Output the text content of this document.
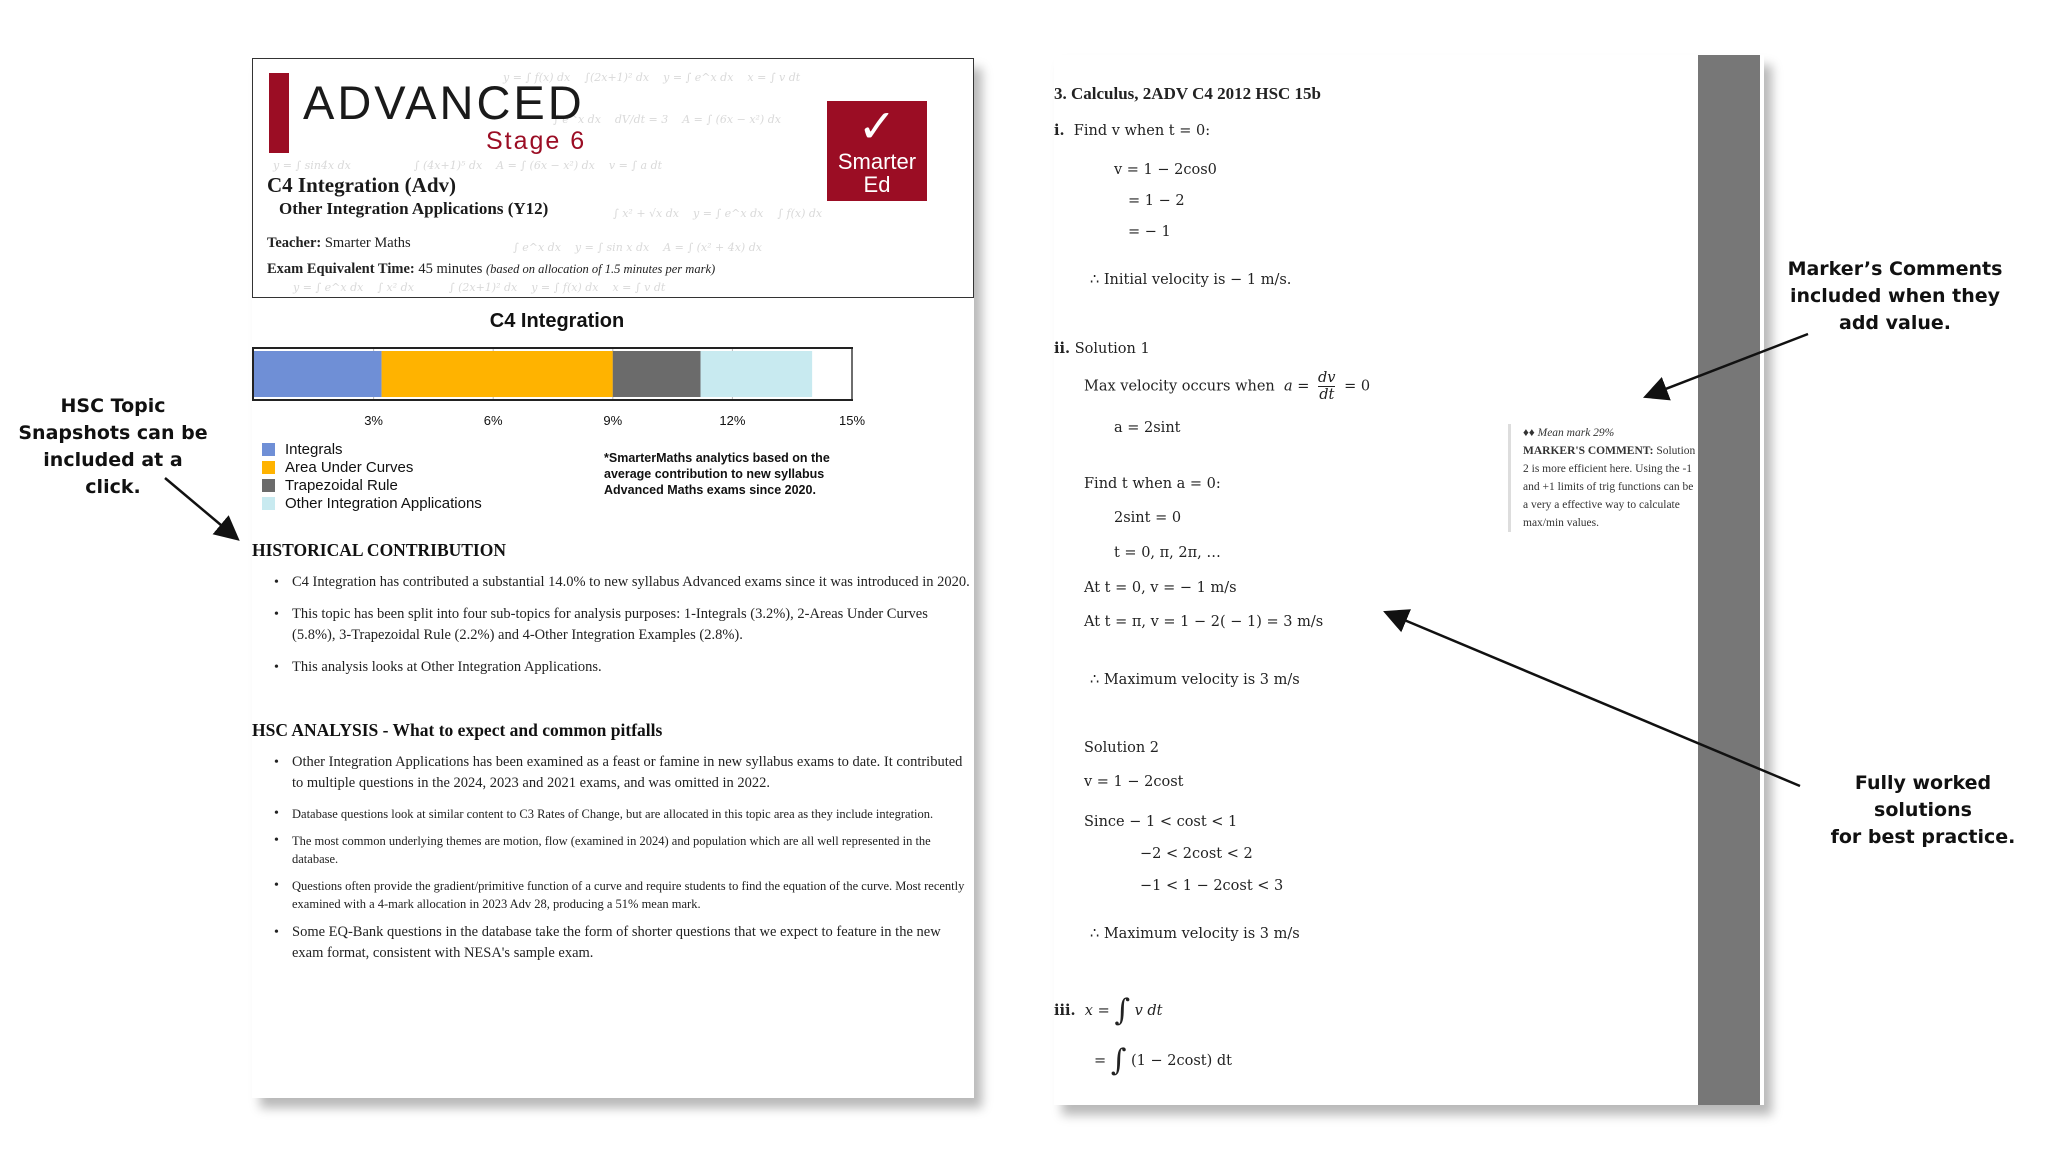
y = ∫ f(x) dx    ∫(2x+1)² dx    y = ∫ e^x dx    x = ∫ v dt
∫ e^x dx    dV/dt = 3    A = ∫ (6x − x²) dx
y = ∫ sin4x dx                  ∫ (4x+1)⁵ dx    A = ∫ (6x − x²) dx    v = ∫ a dt
∫ x² + √x dx    y = ∫ e^x dx    ∫ f(x) dx
∫ e^x dx    y = ∫ sin x dx    A = ∫ (x² + 4x) dx
y = ∫ e^x dx    ∫ x² dx          ∫ (2x+1)² dx    y = ∫ f(x) dx    x = ∫ v dt
ADVANCED
Stage 6
C4 Integration (Adv)
Other Integration Applications (Y12)
Teacher: Smarter Maths
Exam Equivalent Time: 45 minutes (based on allocation of 1.5 minutes per mark)
✓
Smarter
Ed
C4 Integration
3%	6%	9%	12%	15%
Integrals
Area Under Curves
Trapezoidal Rule
Other Integration Applications
*SmarterMaths analytics based on the average contribution to new syllabus Advanced Maths exams since 2020.
HISTORICAL CONTRIBUTION
• C4 Integration has contributed a substantial 14.0% to new syllabus Advanced exams since it was introduced in 2020.
• This topic has been split into four sub-topics for analysis purposes: 1-Integrals (3.2%), 2-Areas Under Curves (5.8%), 3-Trapezoidal Rule (2.2%) and 4-Other Integration Examples (2.8%).
• This analysis looks at Other Integration Applications.
HSC ANALYSIS - What to expect and common pitfalls
• Other Integration Applications has been examined as a feast or famine in new syllabus exams to date. It contributed to multiple questions in the 2024, 2023 and 2021 exams, and was omitted in 2022.
• Database questions look at similar content to C3 Rates of Change, but are allocated in this topic area as they include integration.
• The most common underlying themes are motion, flow (examined in 2024) and population which are all well represented in the database.
• Questions often provide the gradient/primitive function of a curve and require students to find the equation of the curve. Most recently examined with a 4-mark allocation in 2023 Adv 28, producing a 51% mean mark.
• Some EQ-Bank questions in the database take the form of shorter questions that we expect to feature in the new exam format, consistent with NESA's sample exam.
3. Calculus, 2ADV C4 2012 HSC 15b
i. Find v when t = 0:
v = 1 − 2cos0
= 1 − 2
= − 1
∴ Initial velocity is − 1 m/s.
ii. Solution 1
Max velocity occurs when $a = \frac{dv}{dt} = 0$
a = 2sint
Find t when a = 0:
2sint = 0
t = 0, π, 2π, …
At t = 0, v = − 1 m/s
At t = π, v = 1 − 2( − 1) = 3 m/s
∴ Maximum velocity is 3 m/s
Solution 2
v = 1 − 2cost
Since − 1 < cost < 1
−2 < 2cost < 2
−1 < 1 − 2cost < 3
∴ Maximum velocity is 3 m/s
iii. x = ∫ v dt
= ∫ (1 − 2cost) dt
♦♦ Mean mark 29%
MARKER'S COMMENT: Solution 2 is more efficient here. Using the -1 and +1 limits of trig functions can be a very a effective way to calculate max/min values.
HSC Topic
Snapshots can be
included at a click.
Marker’s Comments
included when they
add value.
Fully worked solutions
for best practice.
